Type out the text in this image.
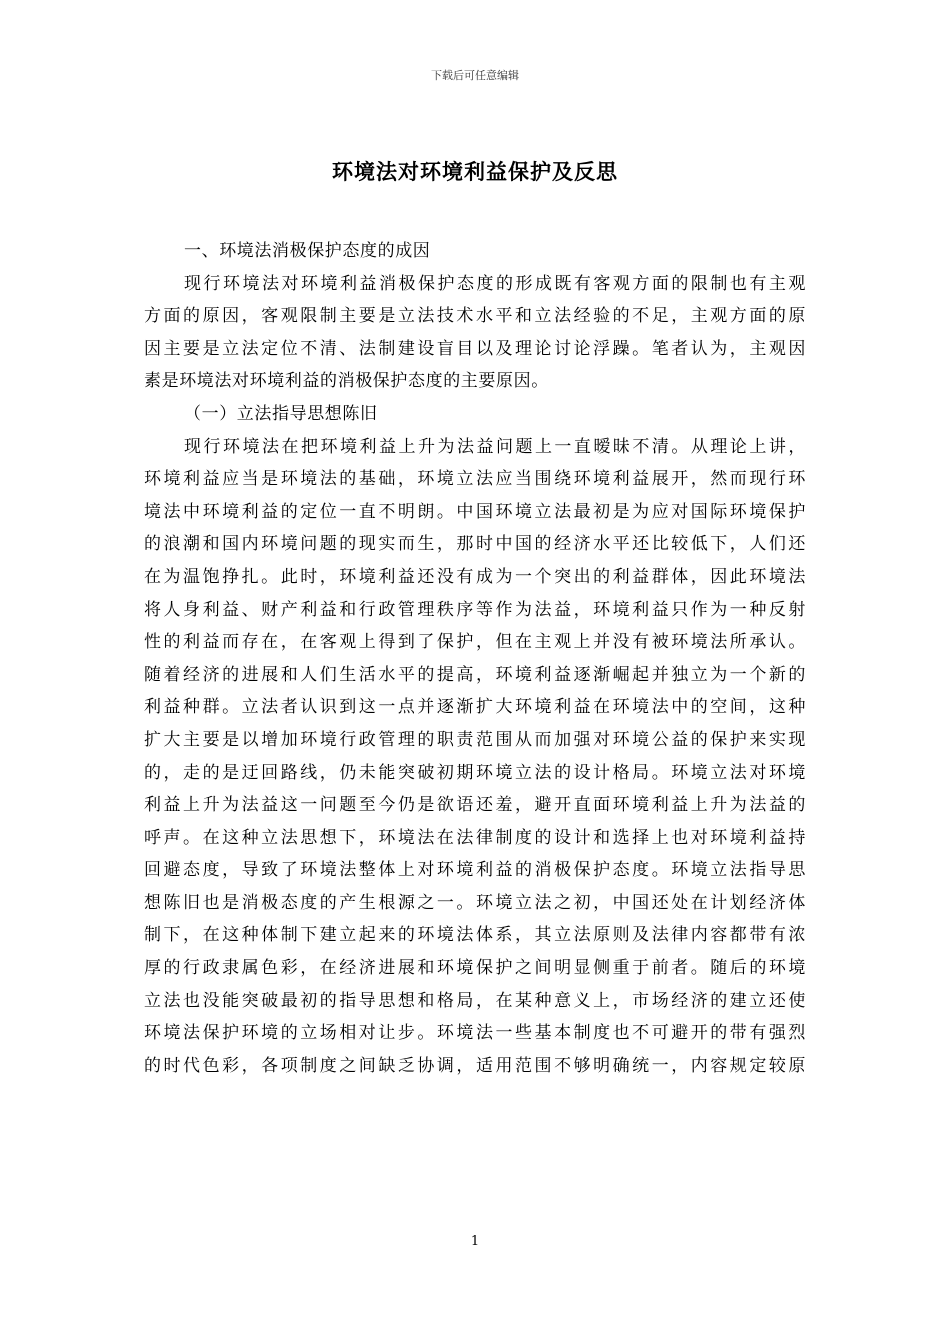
下载后可任意编辑
环境法对环境利益保护及反思
一、环境法消极保护态度的成因
现行环境法对环境利益消极保护态度的形成既有客观方面的限制也有主观
方面的原因，客观限制主要是立法技术水平和立法经验的不足，主观方面的原
因主要是立法定位不清、法制建设盲目以及理论讨论浮躁。笔者认为，主观因
素是环境法对环境利益的消极保护态度的主要原因。
（一）立法指导思想陈旧
现行环境法在把环境利益上升为法益问题上一直暧昧不清。从理论上讲，
环境利益应当是环境法的基础，环境立法应当围绕环境利益展开，然而现行环
境法中环境利益的定位一直不明朗。中国环境立法最初是为应对国际环境保护
的浪潮和国内环境问题的现实而生，那时中国的经济水平还比较低下，人们还
在为温饱挣扎。此时，环境利益还没有成为一个突出的利益群体，因此环境法
将人身利益、财产利益和行政管理秩序等作为法益，环境利益只作为一种反射
性的利益而存在，在客观上得到了保护，但在主观上并没有被环境法所承认。
随着经济的进展和人们生活水平的提高，环境利益逐渐崛起并独立为一个新的
利益种群。立法者认识到这一点并逐渐扩大环境利益在环境法中的空间，这种
扩大主要是以增加环境行政管理的职责范围从而加强对环境公益的保护来实现
的，走的是迂回路线，仍未能突破初期环境立法的设计格局。环境立法对环境
利益上升为法益这一问题至今仍是欲语还羞，避开直面环境利益上升为法益的
呼声。在这种立法思想下，环境法在法律制度的设计和选择上也对环境利益持
回避态度，导致了环境法整体上对环境利益的消极保护态度。环境立法指导思
想陈旧也是消极态度的产生根源之一。环境立法之初，中国还处在计划经济体
制下，在这种体制下建立起来的环境法体系，其立法原则及法律内容都带有浓
厚的行政隶属色彩，在经济进展和环境保护之间明显侧重于前者。随后的环境
立法也没能突破最初的指导思想和格局，在某种意义上，市场经济的建立还使
环境法保护环境的立场相对让步。环境法一些基本制度也不可避开的带有强烈
的时代色彩，各项制度之间缺乏协调，适用范围不够明确统一，内容规定较原
1
